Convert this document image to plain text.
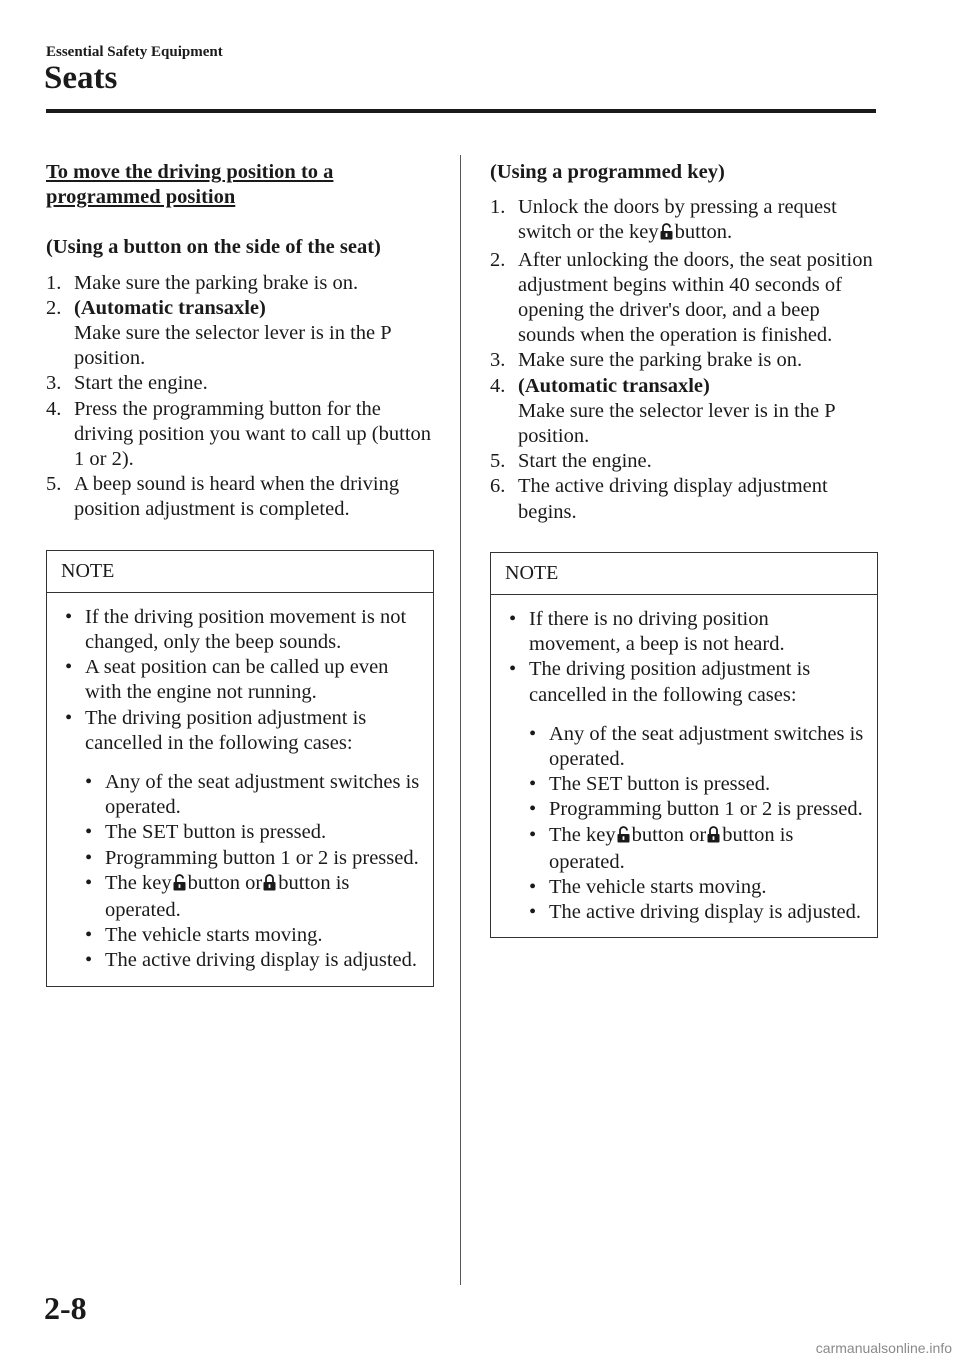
Essential Safety Equipment
Seats
To move the driving position to a programmed position
(Using a button on the side of the seat)
1. Make sure the parking brake is on.
2. (Automatic transaxle)
Make sure the selector lever is in the P position.
3. Start the engine.
4. Press the programming button for the driving position you want to call up (button 1 or 2).
5. A beep sound is heard when the driving position adjustment is completed.
NOTE
• If the driving position movement is not changed, only the beep sounds.
• A seat position can be called up even with the engine not running.
• The driving position adjustment is cancelled in the following cases:
• Any of the seat adjustment switches is operated.
• The SET button is pressed.
• Programming button 1 or 2 is pressed.
• The key button or button is operated.
• The vehicle starts moving.
• The active driving display is adjusted.
(Using a programmed key)
1. Unlock the doors by pressing a request switch or the key button.
2. After unlocking the doors, the seat position adjustment begins within 40 seconds of opening the driver's door, and a beep sounds when the operation is finished.
3. Make sure the parking brake is on.
4. (Automatic transaxle)
Make sure the selector lever is in the P position.
5. Start the engine.
6. The active driving display adjustment begins.
NOTE
• If there is no driving position movement, a beep is not heard.
• The driving position adjustment is cancelled in the following cases:
• Any of the seat adjustment switches is operated.
• The SET button is pressed.
• Programming button 1 or 2 is pressed.
• The key button or button is operated.
• The vehicle starts moving.
• The active driving display is adjusted.
2-8
carmanualsonline.info
